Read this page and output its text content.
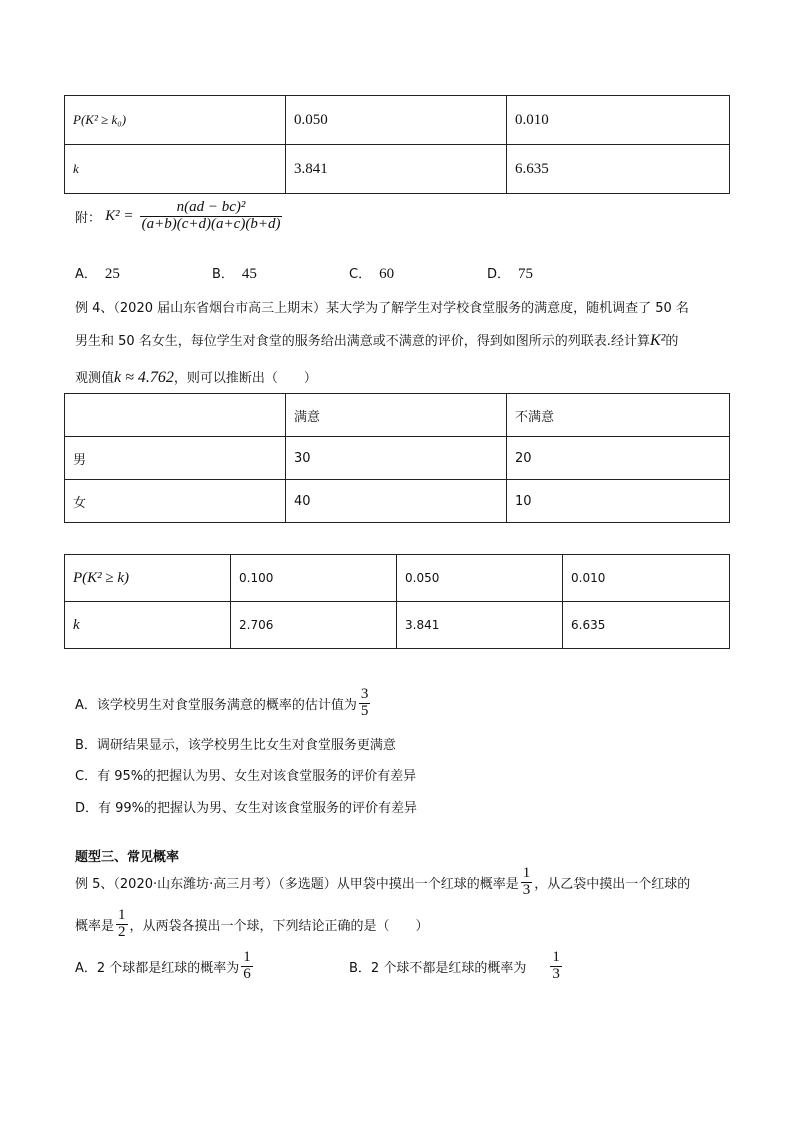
P(K² ≥ k₀)	0.050	0.010
k	3.841	6.635
附： $K^2 = \frac{\text{n(ad − bc)²}}{(a+b)(c+d)(a+c)(b+d)}$
A． 25	B． 45	C． 60	D． 75
例 4、（2020 届山东省烟台市高三上期末）某大学为了解学生对学校食堂服务的满意度，随机调查了 50 名
男生和 50 名女生，每位学生对食堂的服务给出满意或不满意的评价，得到如图所示的列联表.经计算K²的
观测值k ≈ 4.762，则可以推断出（　　）
	满意	不满意
男	30	20
女	40	10
P(K² ≥ k)	0.100	0.050	0.010
k	2.706	3.841	6.635
A．该学校男生对食堂服务满意的概率的估计值为 $\frac{3}{5}$
B．调研结果显示，该学校男生比女生对食堂服务更满意
C．有 95%的把握认为男、女生对该食堂服务的评价有差异
D．有 99%的把握认为男、女生对该食堂服务的评价有差异
题型三、常见概率
例 5、（2020·山东潍坊·高三月考）（多选题）从甲袋中摸出一个红球的概率是 $\frac{1}{3}$ ，从乙袋中摸出一个红球的
概率是 $\frac{1}{2}$ ，从两袋各摸出一个球，下列结论正确的是（　　）
A．2 个球都是红球的概率为 $\frac{1}{6}$	B．2 个球不都是红球的概率为 $\frac{1}{3}$
